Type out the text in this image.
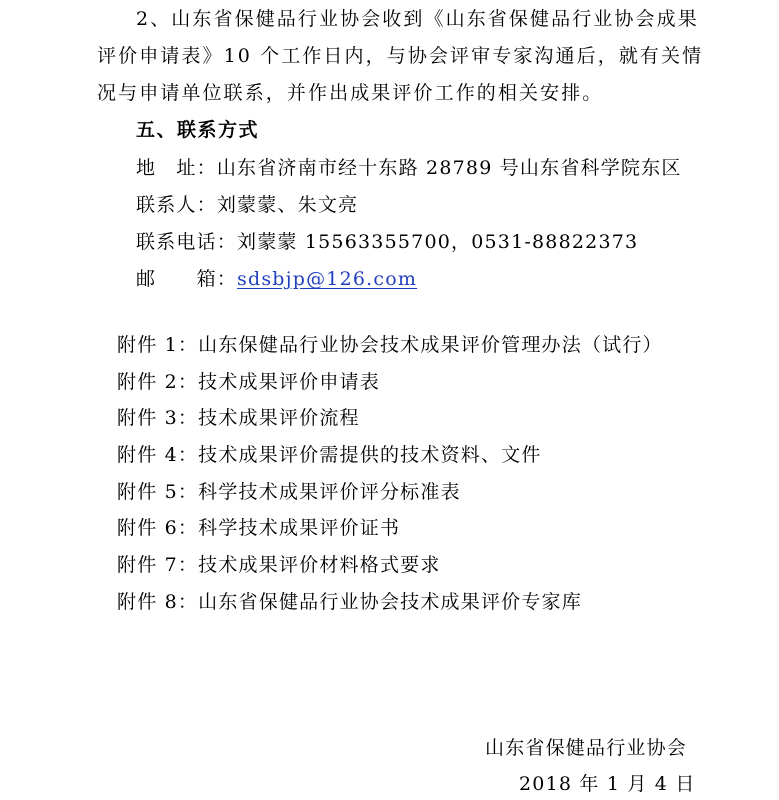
2、山东省保健品行业协会收到《山东省保健品行业协会成果
评价申请表》10 个工作日内，与协会评审专家沟通后，就有关情
况与申请单位联系，并作出成果评价工作的相关安排。
五、联系方式
地　址：山东省济南市经十东路 28789 号山东省科学院东区
联系人：刘蒙蒙、朱文亮
联系电话：刘蒙蒙 15563355700，0531-88822373
邮　　箱：sdsbjp@126.com
附件 1：山东保健品行业协会技术成果评价管理办法（试行）
附件 2：技术成果评价申请表
附件 3：技术成果评价流程
附件 4：技术成果评价需提供的技术资料、文件
附件 5：科学技术成果评价评分标准表
附件 6：科学技术成果评价证书
附件 7：技术成果评价材料格式要求
附件 8：山东省保健品行业协会技术成果评价专家库
山东省保健品行业协会
2018 年 1 月 4 日
